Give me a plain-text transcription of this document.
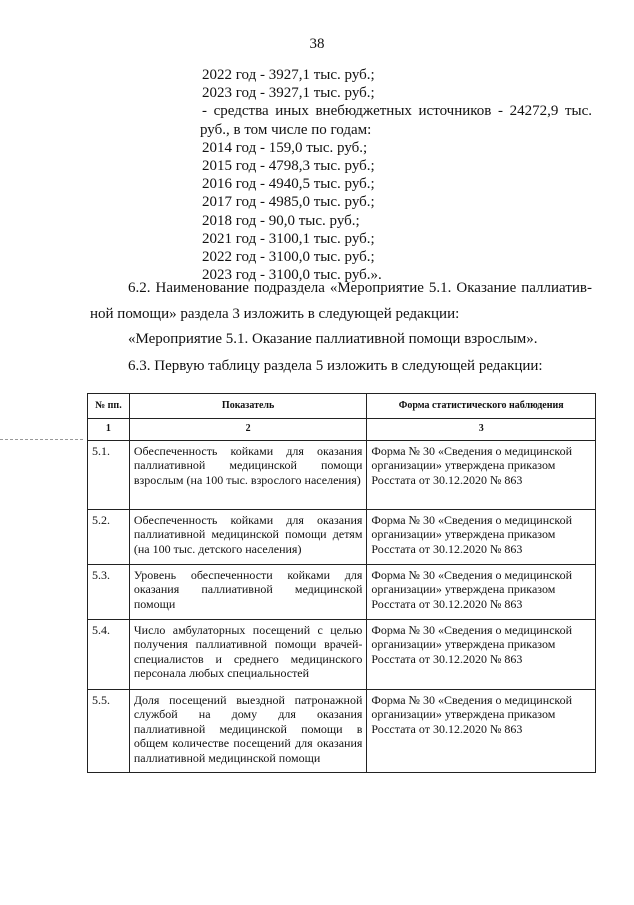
38
2022 год - 3927,1 тыс. руб.;
2023 год - 3927,1 тыс. руб.;
- средства иных внебюджетных источников - 24272,9 тыс.
руб., в том числе по годам:
2014 год - 159,0 тыс. руб.;
2015 год - 4798,3 тыс. руб.;
2016 год - 4940,5 тыс. руб.;
2017 год - 4985,0 тыс. руб.;
2018 год - 90,0 тыс. руб.;
2021 год - 3100,1 тыс. руб.;
2022 год - 3100,0 тыс. руб.;
2023 год - 3100,0 тыс. руб.».
6.2. Наименование подраздела «Мероприятие 5.1. Оказание паллиатив-
ной помощи» раздела 3 изложить в следующей редакции:
«Мероприятие 5.1. Оказание паллиативной помощи взрослым».
6.3. Первую таблицу раздела 5 изложить в следующей редакции:
№ пп.	Показатель	Форма статистического наблюдения
1	2	3
5.1.	Обеспеченность койками для оказания паллиативной медицинской помощи взрослым (на 100 тыс. взрослого населения)	Форма № 30 «Сведения о медицинской организации» утверждена приказом Росстата от 30.12.2020 № 863
5.2.	Обеспеченность койками для оказания паллиативной медицинской помощи детям (на 100 тыс. детского населения)	Форма № 30 «Сведения о медицинской организации» утверждена приказом Росстата от 30.12.2020 № 863
5.3.	Уровень обеспеченности койками для оказания паллиативной медицинской помощи	Форма № 30 «Сведения о медицинской организации» утверждена приказом Росстата от 30.12.2020 № 863
5.4.	Число амбулаторных посещений с целью получения паллиативной помощи врачей-специалистов и среднего медицинского персонала любых специальностей	Форма № 30 «Сведения о медицинской организации» утверждена приказом Росстата от 30.12.2020 № 863
5.5.	Доля посещений выездной патронажной службой на дому для оказания паллиативной медицинской помощи в общем количестве посещений для оказания паллиативной медицинской помощи	Форма № 30 «Сведения о медицинской организации» утверждена приказом Росстата от 30.12.2020 № 863
